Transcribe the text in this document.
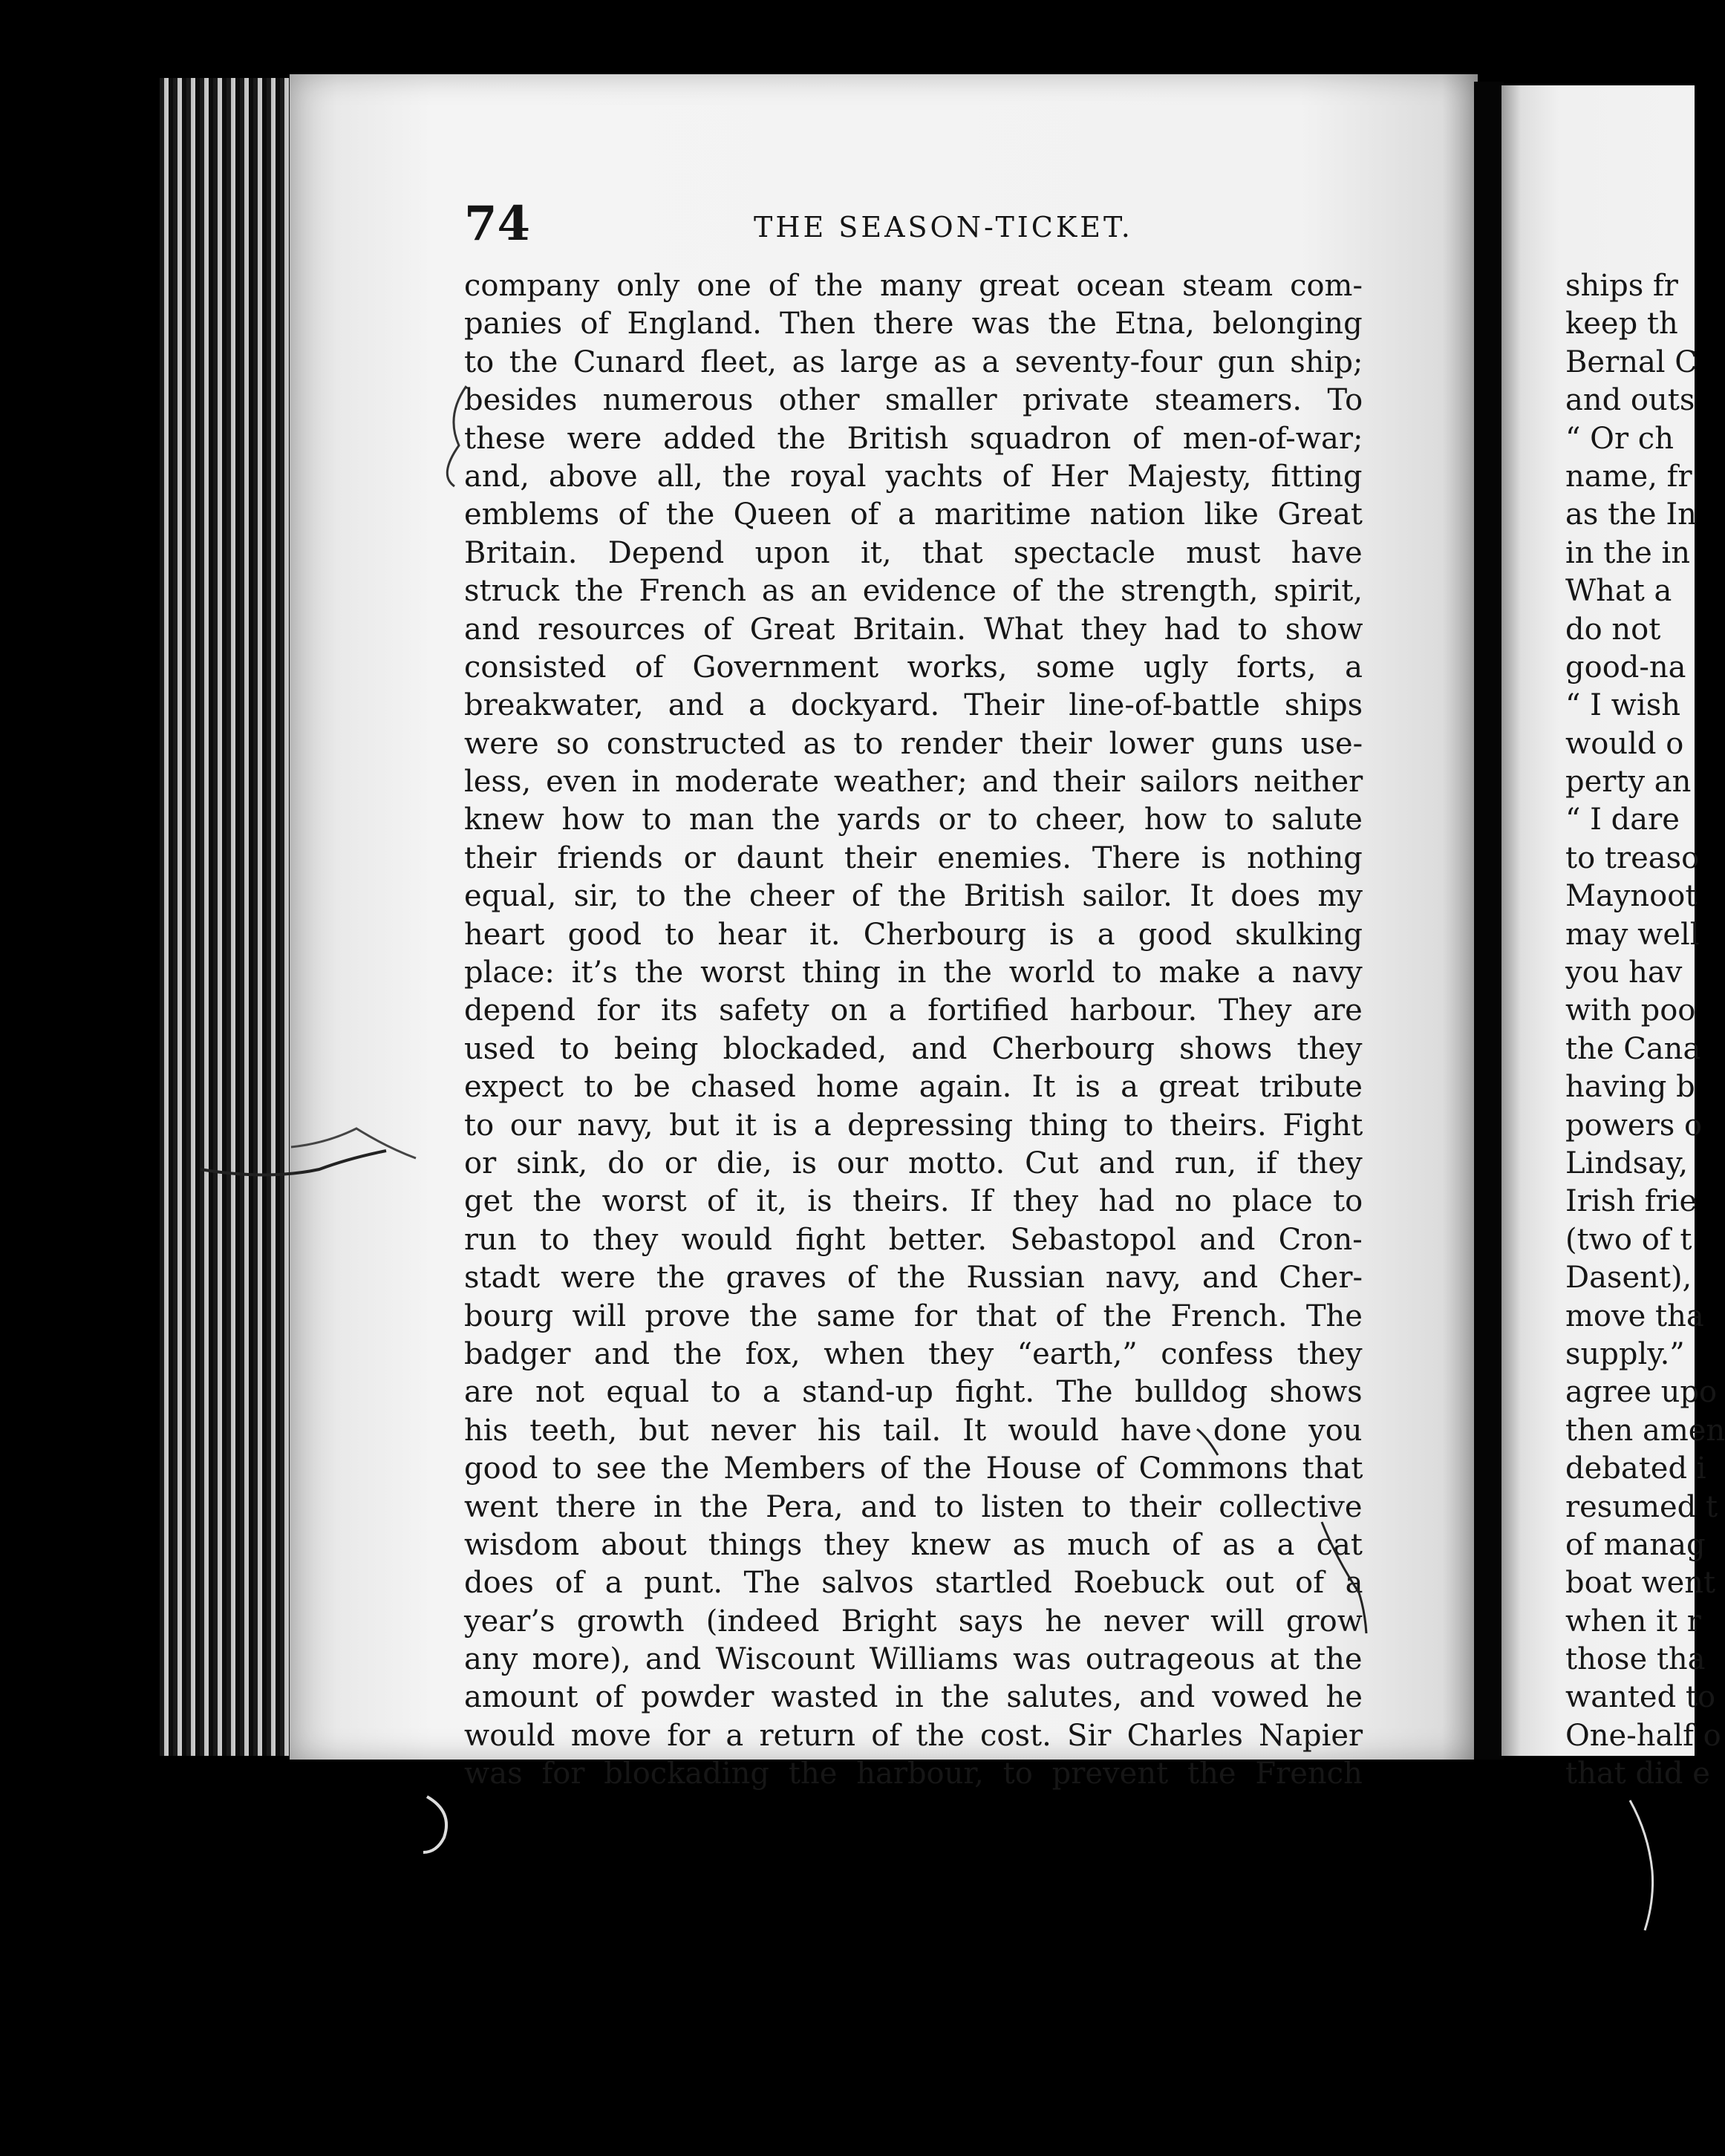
74	THE SEASON-TICKET.
company only one of the many great ocean steam com-
panies of England. Then there was the Etna, belonging
to the Cunard fleet, as large as a seventy-four gun ship;
besides numerous other smaller private steamers. To
these were added the British squadron of men-of-war;
and, above all, the royal yachts of Her Majesty, fitting
emblems of the Queen of a maritime nation like Great
Britain. Depend upon it, that spectacle must have
struck the French as an evidence of the strength, spirit,
and resources of Great Britain. What they had to show
consisted of Government works, some ugly forts, a
breakwater, and a dockyard. Their line-of-battle ships
were so constructed as to render their lower guns use-
less, even in moderate weather; and their sailors neither
knew how to man the yards or to cheer, how to salute
their friends or daunt their enemies. There is nothing
equal, sir, to the cheer of the British sailor. It does my
heart good to hear it. Cherbourg is a good skulking
place: it’s the worst thing in the world to make a navy
depend for its safety on a fortified harbour. They are
used to being blockaded, and Cherbourg shows they
expect to be chased home again. It is a great tribute
to our navy, but it is a depressing thing to theirs. Fight
or sink, do or die, is our motto. Cut and run, if they
get the worst of it, is theirs. If they had no place to
run to they would fight better. Sebastopol and Cron-
stadt were the graves of the Russian navy, and Cher-
bourg will prove the same for that of the French. The
badger and the fox, when they “earth,” confess they
are not equal to a stand-up fight. The bulldog shows
his teeth, but never his tail. It would have done you
good to see the Members of the House of Commons that
went there in the Pera, and to listen to their collective
wisdom about things they knew as much of as a cat
does of a punt. The salvos startled Roebuck out of a
year’s growth (indeed Bright says he never will grow
any more), and Wiscount Williams was outrageous at the
amount of powder wasted in the salutes, and vowed he
would move for a return of the cost. Sir Charles Napier
was for blockading the harbour, to prevent the French
ships fr
keep th
Bernal C
and outs
“ Or ch
name, fr
as the In
in the in
What a
do not
good-na
“ I wish
would o
perty an
“ I dare
to treaso
Maynoot
may well
you hav
with poo
the Cana
having b
powers o
Lindsay,
Irish frie
(two of t
Dasent),
move tha
supply.”
agree upo
then amen
debated i
resumed t
of manag
boat went
when it r
those tha
wanted to
One-half o
that did e
